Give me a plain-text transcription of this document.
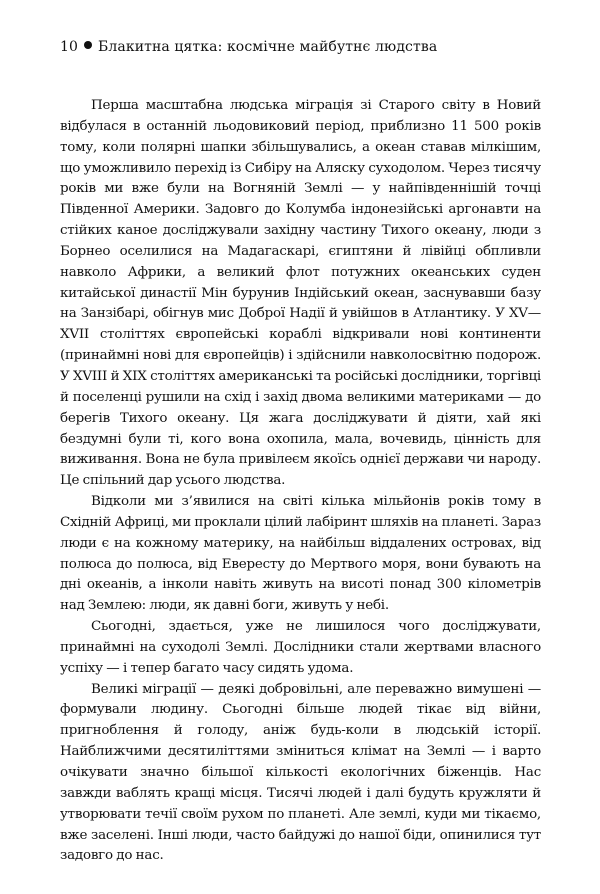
10 Блакитна цятка: космічне майбутнє людства

Перша масштабна людська міграція зі Старого світу в Новий відбулася в останній льодовиковий період, приблизно 11 500 років тому, коли полярні шапки збільшувались, а океан ставав мілкішим, що уможливило перехід із Сибіру на Аляску суходолом. Через тисячу років ми вже були на Вогняній Землі — у найпівденнішій точці Південної Америки. Задовго до Колумба індонезійські аргонавти на стійких каное досліджували західну частину Тихого океану, люди з Борнео оселилися на Мадагаскарі, єгиптяни й лівійці обпливли навколо Африки, а великий флот потужних океанських суден китайської династії Мін бурунив Індійський океан, заснувавши базу на Занзібарі, обігнув мис Доброї Надії й увійшов в Атлантику. У XV—XVII століттях європейські кораблі відкривали нові континенти (принаймні нові для європейців) і здійснили навколосвітню подорож. У XVIII й XIX століттях американські та російські дослідники, торгівці й поселенці рушили на схід і захід двома великими материками — до берегів Тихого океану. Ця жага досліджувати й діяти, хай які бездумні були ті, кого вона охопила, мала, вочевидь, цінність для виживання. Вона не була привілеєм якоїсь однієї держави чи народу. Це спільний дар усього людства.

Відколи ми з’явилися на світі кілька мільйонів років тому в Східній Африці, ми проклали цілий лабіринт шляхів на планеті. Зараз люди є на кожному материку, на найбільш віддалених островах, від полюса до полюса, від Евересту до Мертвого моря, вони бувають на дні океанів, а інколи навіть живуть на висоті понад 300 кілометрів над Землею: люди, як давні боги, живуть у небі.

Сьогодні, здається, уже не лишилося чого досліджувати, принаймні на суходолі Землі. Дослідники стали жертвами власного успіху — і тепер багато часу сидять удома.

Великі міграції — деякі добровільні, але переважно вимушені — формували людину. Сьогодні більше людей тікає від війни, пригноблення й голоду, аніж будь-коли в людській історії. Найближчими десятиліттями зміниться клімат на Землі — і варто очікувати значно більшої кількості екологічних біженців. Нас завжди ваблять кращі місця. Тисячі людей і далі будуть кружляти й утворювати течії своїм рухом по планеті. Але землі, куди ми тікаємо, вже заселені. Інші люди, часто байдужі до нашої біди, опинилися тут задовго до нас.
